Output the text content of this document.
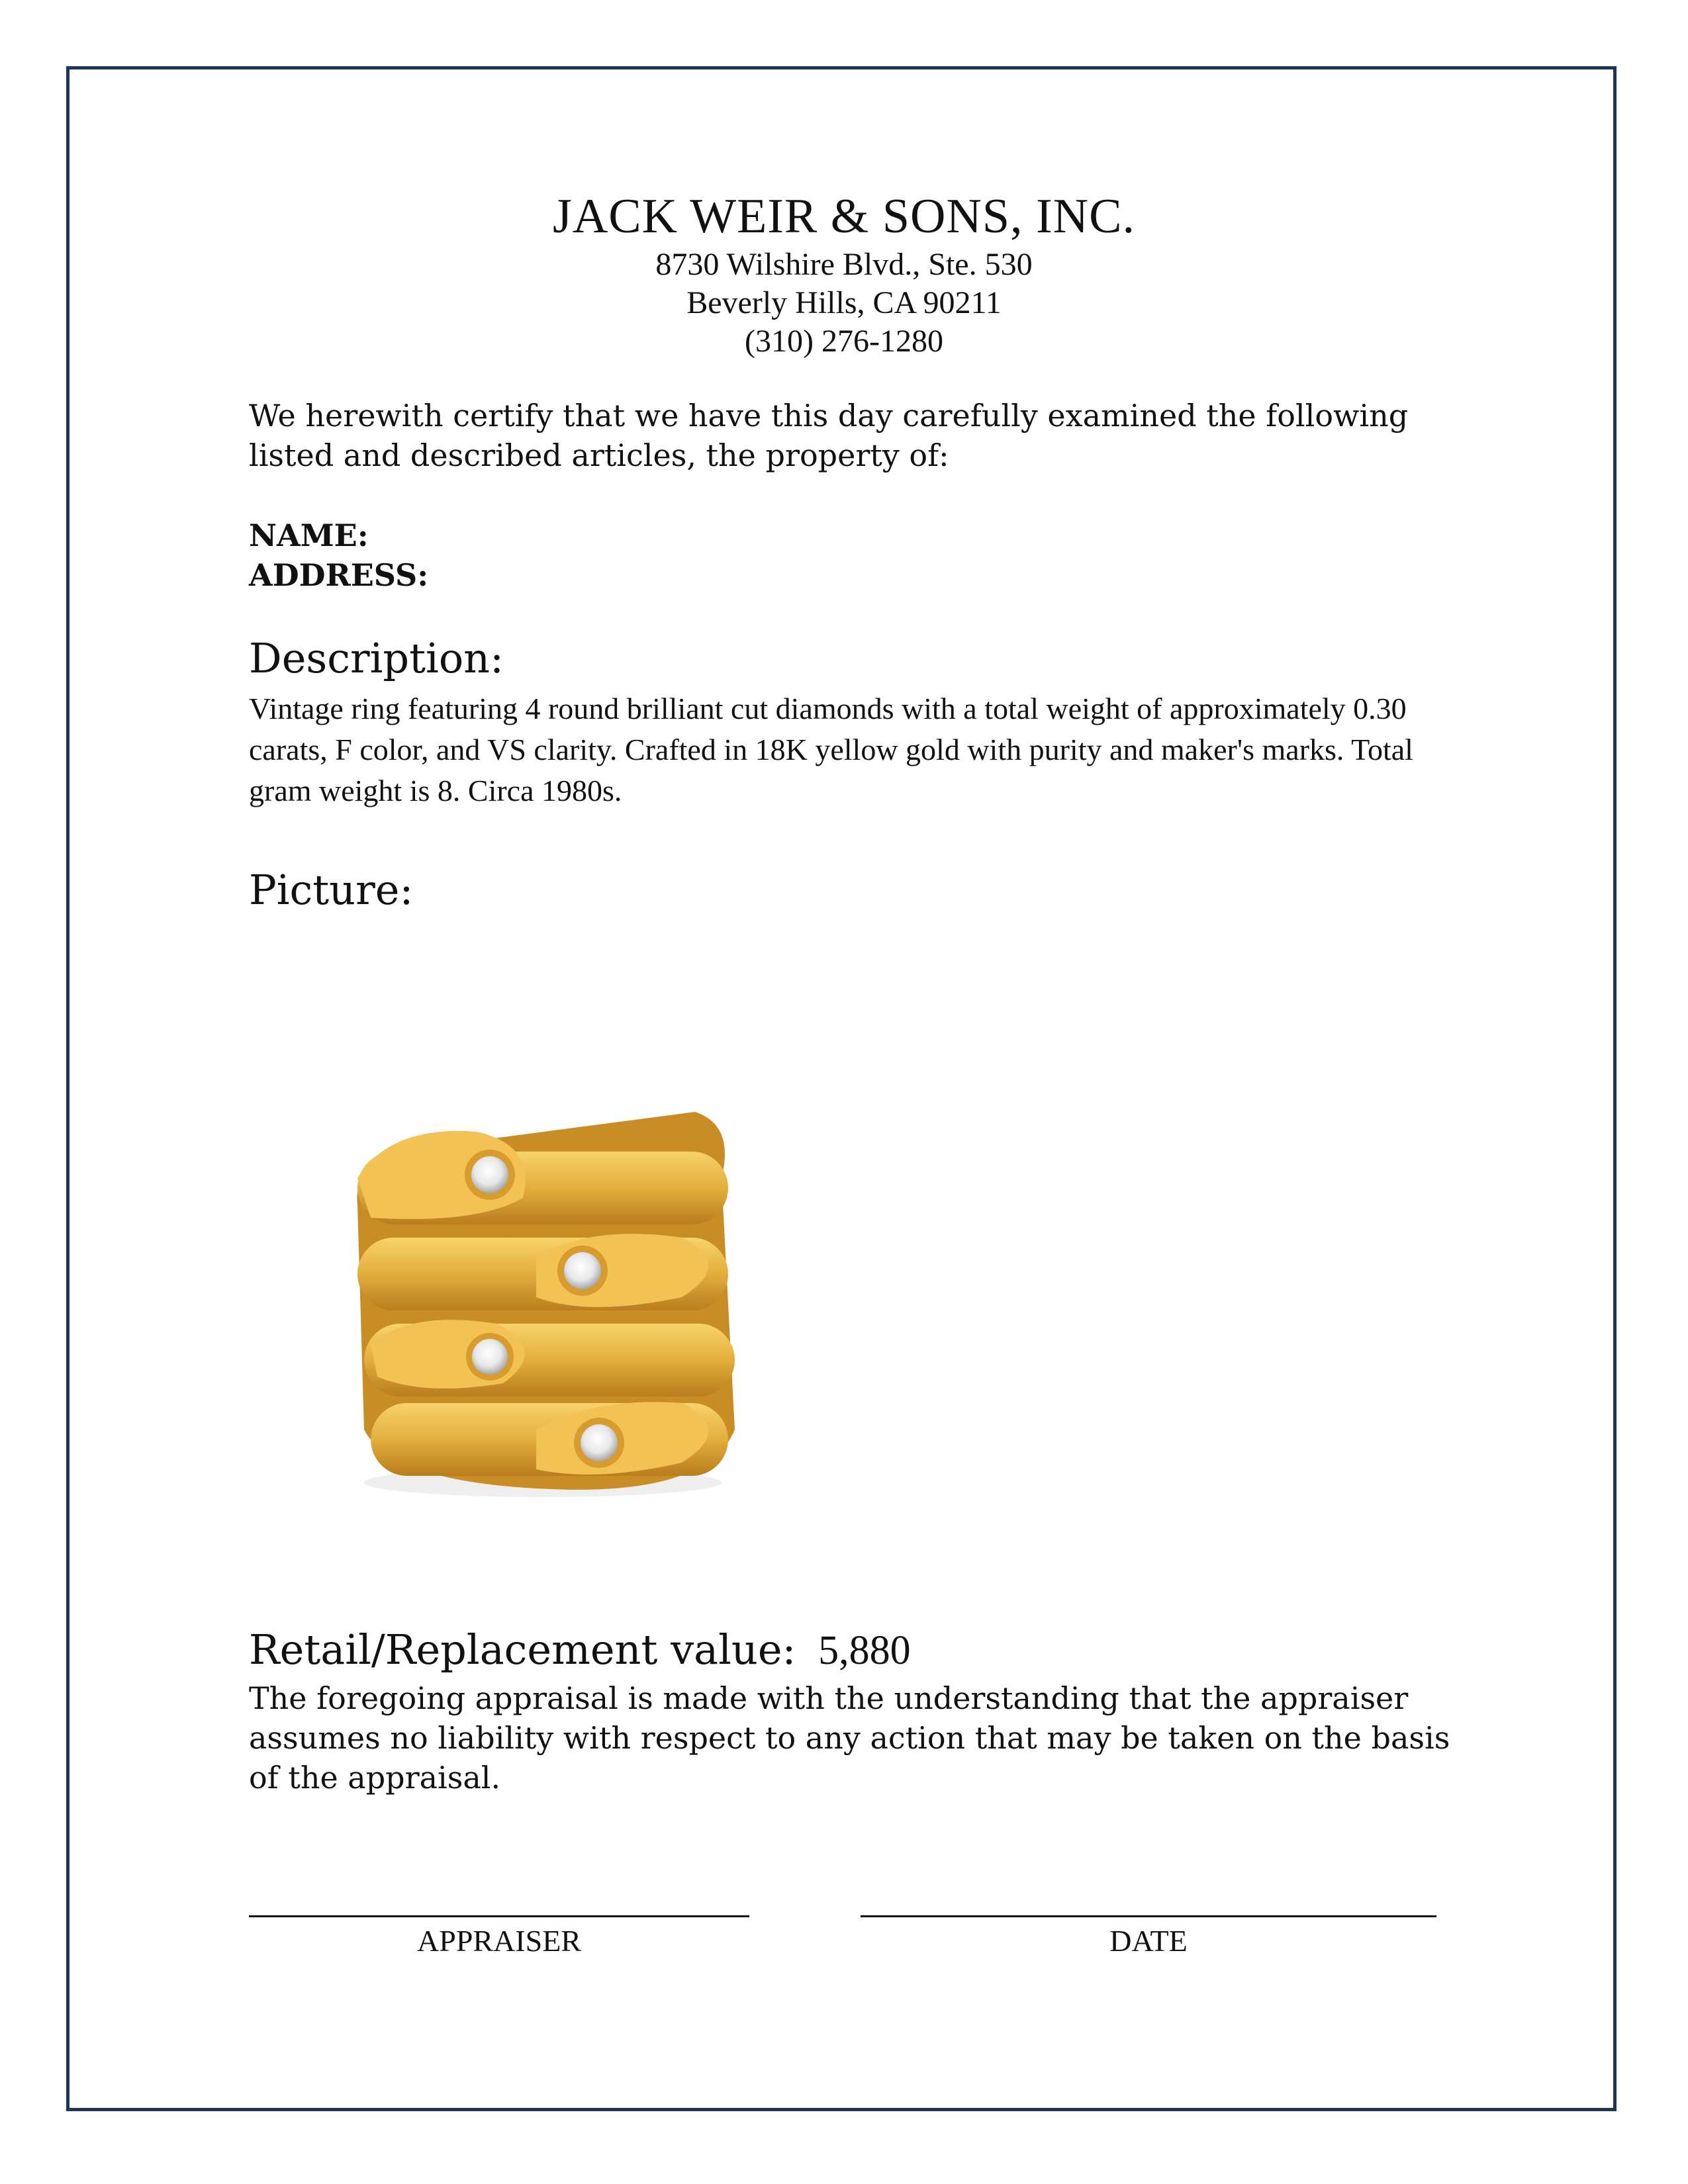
JACK WEIR & SONS, INC.
8730 Wilshire Blvd., Ste. 530
Beverly Hills, CA 90211
(310) 276-1280
We herewith certify that we have this day carefully examined the following listed and described articles, the property of:
NAME:
ADDRESS:
Description:
Vintage ring featuring 4 round brilliant cut diamonds with a total weight of approximately 0.30 carats, F color, and VS clarity. Crafted in 18K yellow gold with purity and maker's marks. Total gram weight is 8. Circa 1980s.
Picture:
Retail/Replacement value: 5,880
The foregoing appraisal is made with the understanding that the appraiser assumes no liability with respect to any action that may be taken on the basis of the appraisal.
APPRAISER	DATE
